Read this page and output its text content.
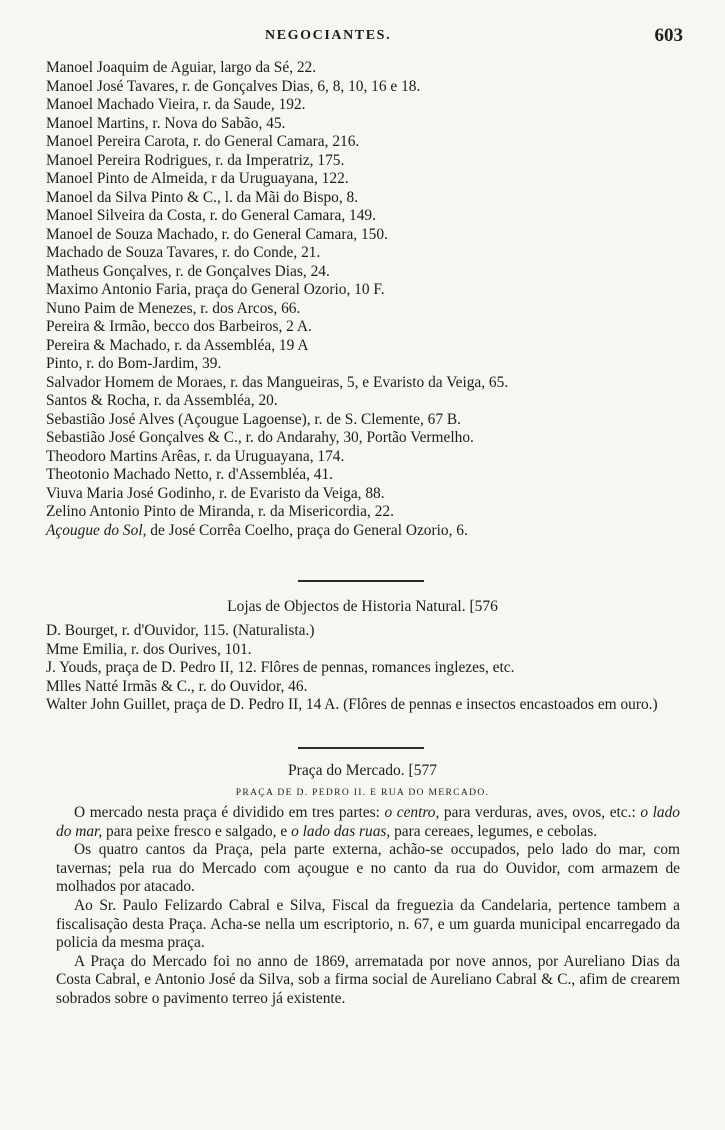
NEGOCIANTES.	603
Manoel Joaquim de Aguiar, largo da Sé, 22.
Manoel José Tavares, r. de Gonçalves Dias, 6, 8, 10, 16 e 18.
Manoel Machado Vieira, r. da Saude, 192.
Manoel Martins, r. Nova do Sabão, 45.
Manoel Pereira Carota, r. do General Camara, 216.
Manoel Pereira Rodrigues, r. da Imperatriz, 175.
Manoel Pinto de Almeida, r da Uruguayana, 122.
Manoel da Silva Pinto & C., l. da Mãi do Bispo, 8.
Manoel Silveira da Costa, r. do General Camara, 149.
Manoel de Souza Machado, r. do General Camara, 150.
Machado de Souza Tavares, r. do Conde, 21.
Matheus Gonçalves, r. de Gonçalves Dias, 24.
Maximo Antonio Faria, praça do General Ozorio, 10 F.
Nuno Paim de Menezes, r. dos Arcos, 66.
Pereira & Irmão, becco dos Barbeiros, 2 A.
Pereira & Machado, r. da Assembléa, 19 A
Pinto, r. do Bom-Jardim, 39.
Salvador Homem de Moraes, r. das Mangueiras, 5, e Evaristo da Veiga, 65.
Santos & Rocha, r. da Assembléa, 20.
Sebastião José Alves (Açougue Lagoense), r. de S. Clemente, 67 B.
Sebastião José Gonçalves & C., r. do Andarahy, 30, Portão Vermelho.
Theodoro Martins Arêas, r. da Uruguayana, 174.
Theotonio Machado Netto, r. d'Assembléa, 41.
Viuva Maria José Godinho, r. de Evaristo da Veiga, 88.
Zelino Antonio Pinto de Miranda, r. da Misericordia, 22.
Açougue do Sol, de José Corrêa Coelho, praça do General Ozorio, 6.
Lojas de Objectos de Historia Natural. [576
D. Bourget, r. d'Ouvidor, 115. (Naturalista.)
Mme Emilia, r. dos Ourives, 101.
J. Youds, praça de D. Pedro II, 12. Flôres de pennas, romances inglezes, etc.
Mlles Natté Irmãs & C., r. do Ouvidor, 46.
Walter John Guillet, praça de D. Pedro II, 14 A. (Flôres de pennas e insectos encastoados em ouro.)
Praça do Mercado. [577
PRAÇA DE D. PEDRO II. E RUA DO MERCADO.

O mercado nesta praça é dividido em tres partes: o centro, para verduras, aves, ovos, etc.: o lado do mar, para peixe fresco e salgado, e o lado das ruas, para cereaes, legumes, e cebolas.

Os quatro cantos da Praça, pela parte externa, achão-se occupados, pelo lado do mar, com tavernas; pela rua do Mercado com açougue e no canto da rua do Ouvidor, com armazem de molhados por atacado.

Ao Sr. Paulo Felizardo Cabral e Silva, Fiscal da freguezia da Candelaria, pertence tambem a fiscalisação desta Praça. Acha-se nella um escriptorio, n. 67, e um guarda municipal encarregado da policia da mesma praça.

A Praça do Mercado foi no anno de 1869, arrematada por nove annos, por Aureliano Dias da Costa Cabral, e Antonio José da Silva, sob a firma social de Aureliano Cabral & C., afim de crearem sobrados sobre o pavimento terreo já existente.
